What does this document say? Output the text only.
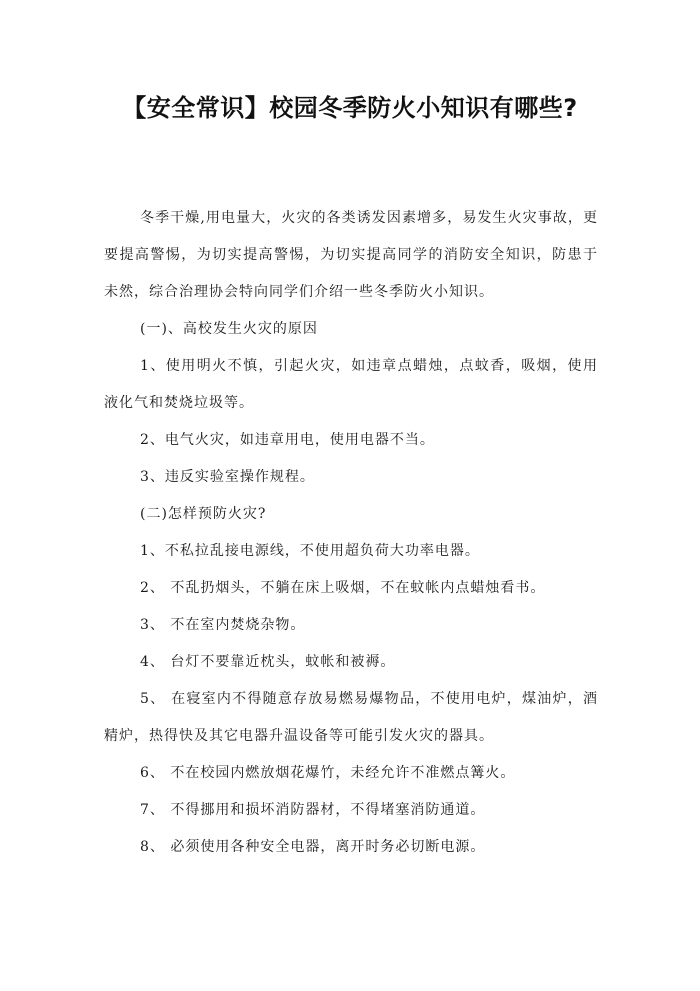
【安全常识】校园冬季防火小知识有哪些?

冬季干燥,用电量大，火灾的各类诱发因素增多，易发生火灾事故，更要提高警惕，为切实提高警惕，为切实提高同学的消防安全知识，防患于未然，综合治理协会特向同学们介绍一些冬季防火小知识。

(一)、高校发生火灾的原因

1、使用明火不慎，引起火灾，如违章点蜡烛，点蚊香，吸烟，使用液化气和焚烧垃圾等。

2、电气火灾，如违章用电，使用电器不当。

3、违反实验室操作规程。

(二)怎样预防火灾?

1、不私拉乱接电源线，不使用超负荷大功率电器。

2、 不乱扔烟头，不躺在床上吸烟，不在蚊帐内点蜡烛看书。

3、 不在室内焚烧杂物。

4、 台灯不要靠近枕头，蚊帐和被褥。

5、 在寝室内不得随意存放易燃易爆物品，不使用电炉，煤油炉，酒精炉，热得快及其它电器升温设备等可能引发火灾的器具。

6、 不在校园内燃放烟花爆竹，未经允许不准燃点篝火。

7、 不得挪用和损坏消防器材，不得堵塞消防通道。

8、 必须使用各种安全电器，离开时务必切断电源。
